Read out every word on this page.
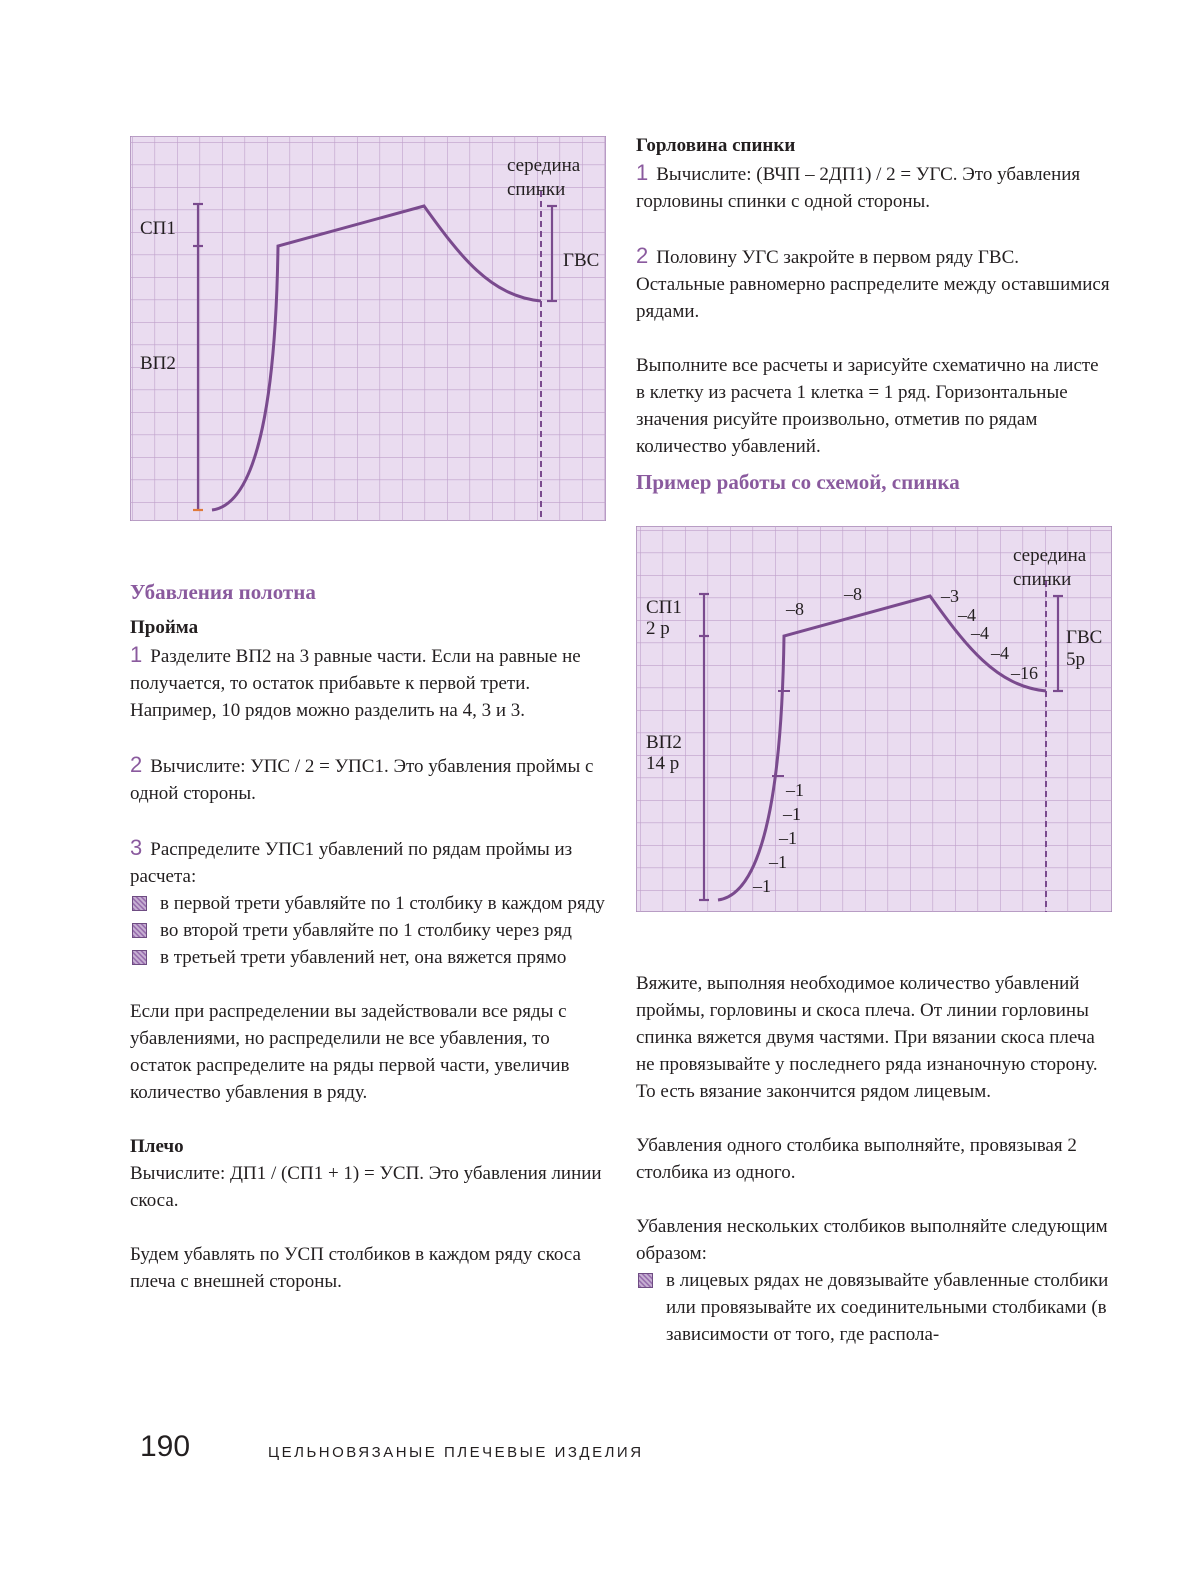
середина
спинки
СП1
ВП2
ГВС
середина
спинки
СП1
2 р
ВП2
14 р
ГВС
5р
–8
–8	–3
–4
–4
–4
–16
–1
–1
–1
–1
–1
Убавления полотна
Пройма

1 Разделите ВП2 на 3 равные части. Если на равные не получается, то остаток прибавьте к первой трети. Например, 10 рядов можно разделить на 4, 3 и 3.

2 Вычислите: УПС / 2 = УПС1. Это убавления проймы с одной стороны.

3 Распределите УПС1 убавлений по рядам проймы из расчета:

в первой трети убавляйте по 1 столбику в каждом ряду
во второй трети убавляйте по 1 столбику через ряд
в третьей трети убавлений нет, она вяжется прямо

Если при распределении вы задействовали все ряды с убавлениями, но распределили не все убавления, то остаток распределите на ряды первой части, увеличив количество убавления в ряду.

Плечо

Вычислите: ДП1 / (СП1 + 1) = УСП. Это убавления линии скоса.

Будем убавлять по УСП столбиков в каждом ряду скоса плеча с внешней стороны.

Горловина спинки

1 Вычислите: (ВЧП – 2ДП1) / 2 = УГС. Это убавления горловины спинки с одной стороны.

2 Половину УГС закройте в первом ряду ГВС. Остальные равномерно распределите между оставшимися рядами.

Выполните все расчеты и зарисуйте схематично на листе в клетку из расчета 1 клетка = 1 ряд. Горизонтальные значения рисуйте произвольно, отметив по рядам количество убавлений.

Пример работы со схемой, спинка

Вяжите, выполняя необходимое количество убавлений проймы, горловины и скоса плеча. От линии горловины спинка вяжется двумя частями. При вязании скоса плеча не провязывайте у последнего ряда изнаночную сторону. То есть вязание закончится рядом лицевым.

Убавления одного столбика выполняйте, провязывая 2 столбика из одного.

Убавления нескольких столбиков выполняйте следующим образом:

в лицевых рядах не довязывайте убавленные столбики или провязывайте их соединительными столбиками (в зависимости от того, где распола-
190	ЦЕЛЬНОВЯЗАНЫЕ ПЛЕЧЕВЫЕ ИЗДЕЛИЯ
